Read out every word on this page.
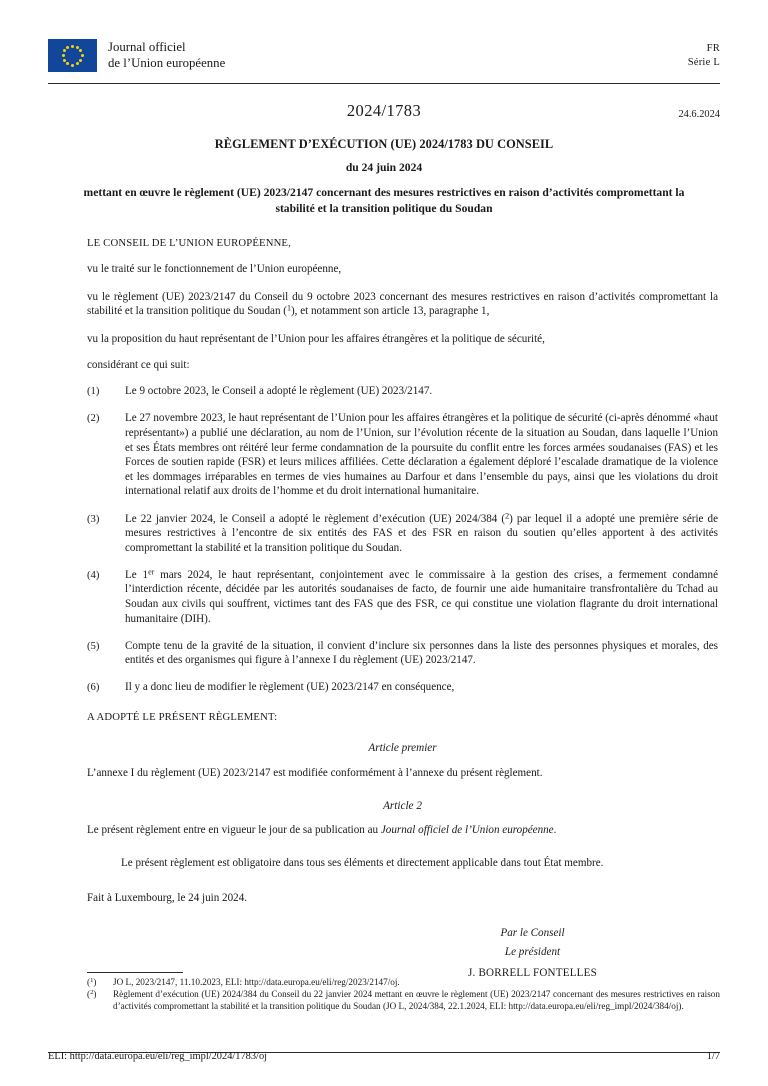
Journal officiel
de l’Union européenne
FR
Série L
2024/1783	24.6.2024
RÈGLEMENT D’EXÉCUTION (UE) 2024/1783 DU CONSEIL
du 24 juin 2024
mettant en œuvre le règlement (UE) 2023/2147 concernant des mesures restrictives en raison d’activités compromettant la stabilité et la transition politique du Soudan
LE CONSEIL DE L’UNION EUROPÉENNE,
vu le traité sur le fonctionnement de l’Union européenne,
vu le règlement (UE) 2023/2147 du Conseil du 9 octobre 2023 concernant des mesures restrictives en raison d’activités compromettant la stabilité et la transition politique du Soudan ($^1$), et notamment son article 13, paragraphe 1,
vu la proposition du haut représentant de l’Union pour les affaires étrangères et la politique de sécurité,
considérant ce qui suit:
(1)	Le 9 octobre 2023, le Conseil a adopté le règlement (UE) 2023/2147.
(2)	Le 27 novembre 2023, le haut représentant de l’Union pour les affaires étrangères et la politique de sécurité (ci-après dénommé «haut représentant») a publié une déclaration, au nom de l’Union, sur l’évolution récente de la situation au Soudan, dans laquelle l’Union et ses États membres ont réitéré leur ferme condamnation de la poursuite du conflit entre les forces armées soudanaises (FAS) et les Forces de soutien rapide (FSR) et leurs milices affiliées. Cette déclaration a également déploré l’escalade dramatique de la violence et les dommages irréparables en termes de vies humaines au Darfour et dans l’ensemble du pays, ainsi que les violations du droit international relatif aux droits de l’homme et du droit international humanitaire.
(3)	Le 22 janvier 2024, le Conseil a adopté le règlement d’exécution (UE) 2024/384 ($^2$) par lequel il a adopté une première série de mesures restrictives à l’encontre de six entités des FAS et des FSR en raison du soutien qu’elles apportent à des activités compromettant la stabilité et la transition politique du Soudan.
(4)	Le 1er mars 2024, le haut représentant, conjointement avec le commissaire à la gestion des crises, a fermement condamné l’interdiction récente, décidée par les autorités soudanaises de facto, de fournir une aide humanitaire transfrontalière du Tchad au Soudan aux civils qui souffrent, victimes tant des FAS que des FSR, ce qui constitue une violation flagrante du droit international humanitaire (DIH).
(5)	Compte tenu de la gravité de la situation, il convient d’inclure six personnes dans la liste des personnes physiques et morales, des entités et des organismes qui figure à l’annexe I du règlement (UE) 2023/2147.
(6)	Il y a donc lieu de modifier le règlement (UE) 2023/2147 en conséquence,
A ADOPTÉ LE PRÉSENT RÈGLEMENT:
Article premier
L’annexe I du règlement (UE) 2023/2147 est modifiée conformément à l’annexe du présent règlement.
Article 2
Le présent règlement entre en vigueur le jour de sa publication au Journal officiel de l’Union européenne.
Le présent règlement est obligatoire dans tous ses éléments et directement applicable dans tout État membre.
Fait à Luxembourg, le 24 juin 2024.
Par le Conseil
Le président
J. BORRELL FONTELLES
($^1$)	JO L, 2023/2147, 11.10.2023, ELI: http://data.europa.eu/eli/reg/2023/2147/oj.
($^2$)	Règlement d’exécution (UE) 2024/384 du Conseil du 22 janvier 2024 mettant en œuvre le règlement (UE) 2023/2147 concernant des mesures restrictives en raison d’activités compromettant la stabilité et la transition politique du Soudan (JO L, 2024/384, 22.1.2024, ELI: http://data.europa.eu/eli/reg_impl/2024/384/oj).
ELI: http://data.europa.eu/eli/reg_impl/2024/1783/oj	1/7
